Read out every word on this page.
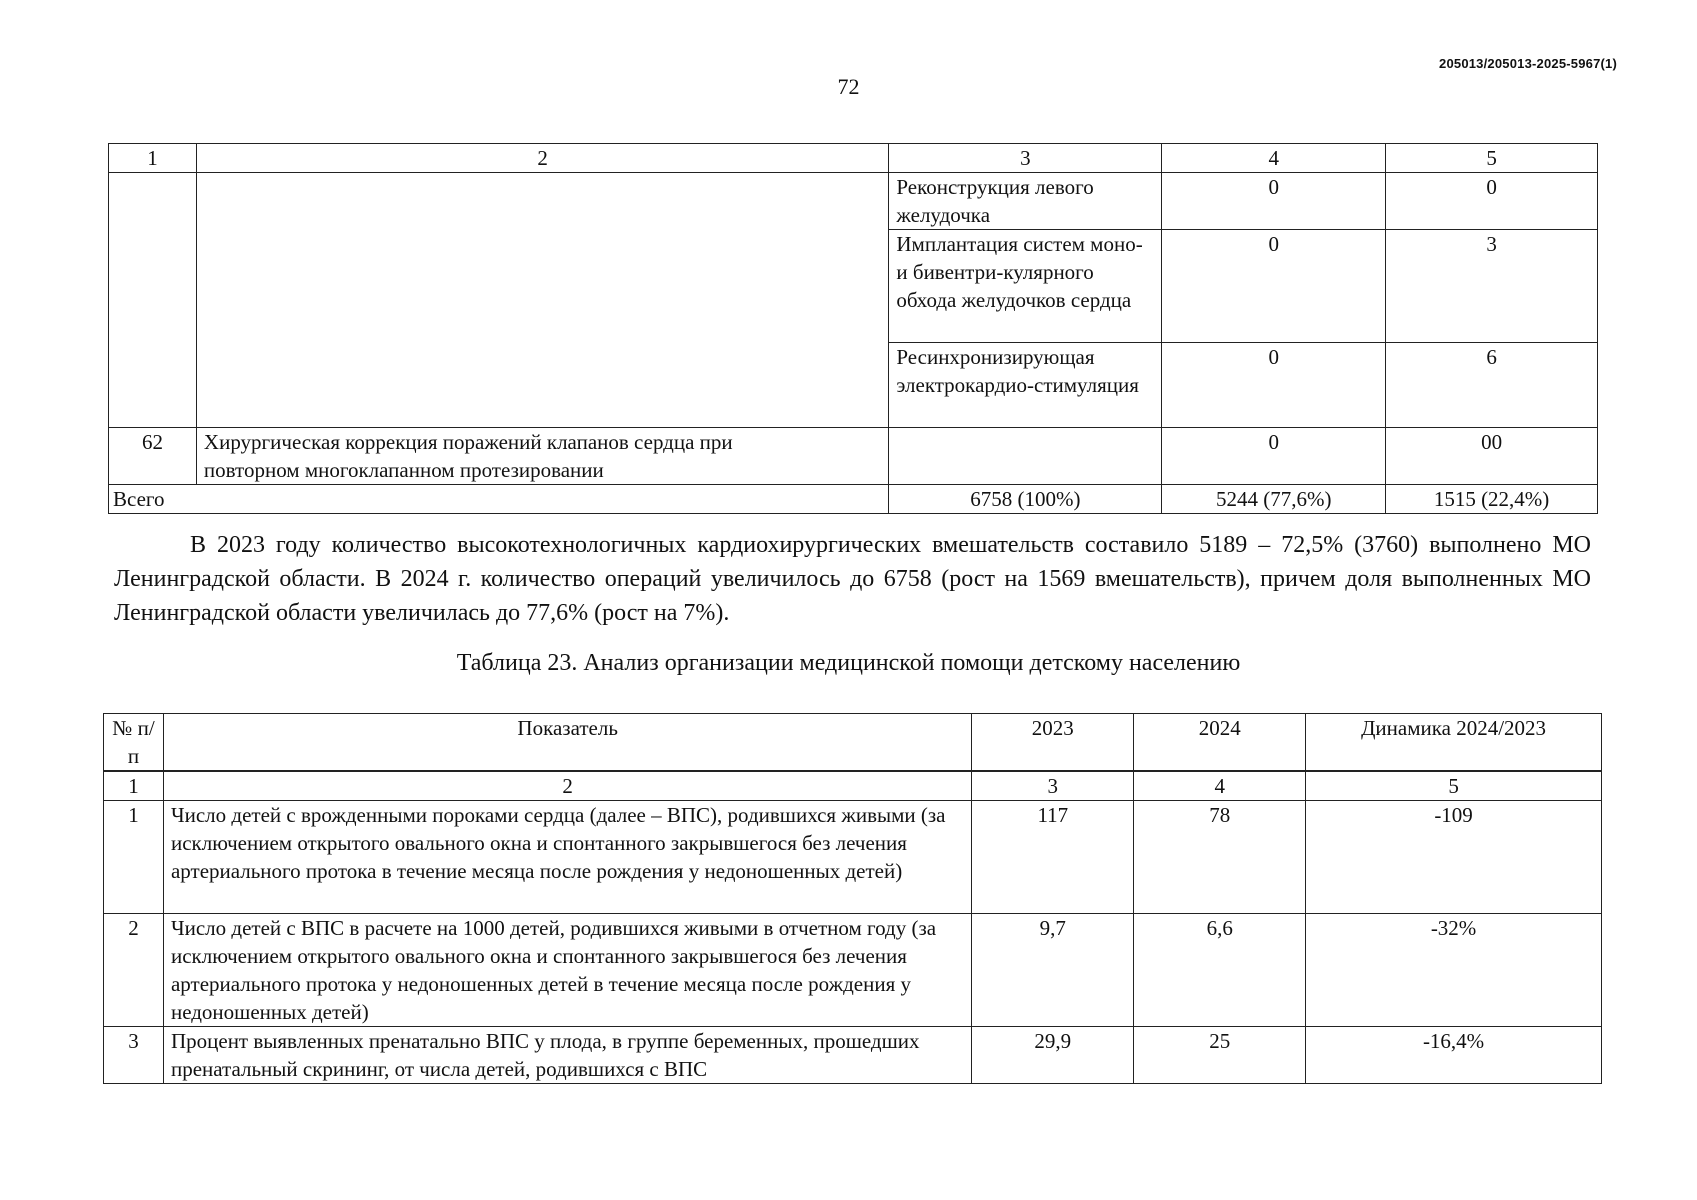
205013/205013-2025-5967(1)
72
1	2	3	4	5
		Реконструкция левого желудочка	0	0
		Имплантация систем моно- и бивентри-кулярного обхода желудочков сердца	0	3
		Ресинхронизирующая электрокардио-стимуляция	0	6
62	Хирургическая коррекция поражений клапанов сердца при повторном многоклапанном протезировании		0	00
Всего		6758 (100%)	5244 (77,6%)	1515 (22,4%)

В 2023 году количество высокотехнологичных кардиохирургических вмешательств составило 5189 – 72,5% (3760) выполнено МО Ленинградской области. В 2024 г. количество операций увеличилось до 6758 (рост на 1569 вмешательств), причем доля выполненных МО Ленинградской области увеличилась до 77,6% (рост на 7%).

Таблица 23. Анализ организации медицинской помощи детскому населению
№ п/п	Показатель	2023	2024	Динамика 2024/2023

1	2	3	4	5
1	Число детей с врожденными пороками сердца (далее – ВПС), родившихся живыми (за исключением открытого овального окна и спонтанного закрывшегося без лечения артериального протока в течение месяца после рождения у недоношенных детей)	117	78	-109
2	Число детей с ВПС в расчете на 1000 детей, родившихся живыми в отчетном году (за исключением открытого овального окна и спонтанного закрывшегося без лечения артериального протока у недоношенных детей в течение месяца после рождения у недоношенных детей)	9,7	6,6	-32%
3	Процент выявленных пренатально ВПС у плода, в группе беременных, прошедших пренатальный скрининг, от числа детей, родившихся с ВПС	29,9	25	-16,4%
